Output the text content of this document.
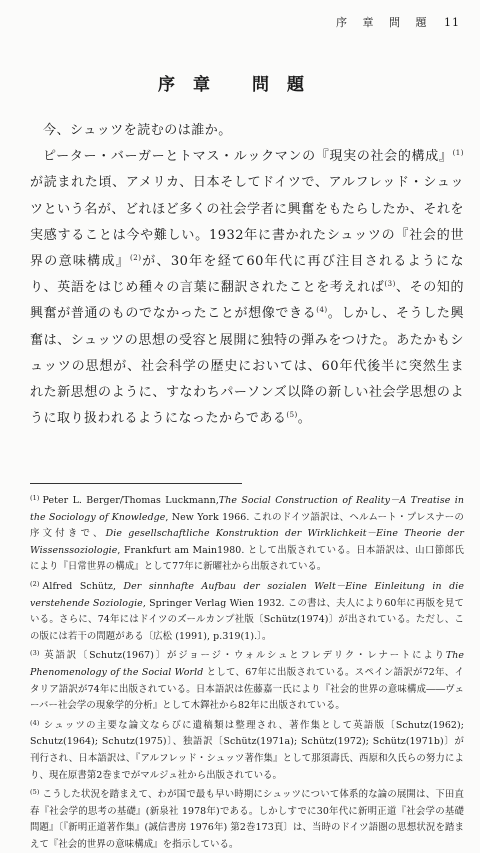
序 章 問 題 11
序章 問題

今、シュッツを読むのは誰か。

ピーター・バーガーとトマス・ルックマンの『現実の社会的構成』$^{(1)}$が読まれた頃、アメリカ、日本そしてドイツで、アルフレッド・シュッツという名が、どれほど多くの社会学者に興奮をもたらしたか、それを実感することは今や難しい。1932年に書かれたシュッツの『社会的世界の意味構成』$^{(2)}$が、30年を経て60年代に再び注目されるようになり、英語をはじめ種々の言葉に翻訳されたことを考えれば$^{(3)}$、その知的興奮が普通のものでなかったことが想像できる$^{(4)}$。しかし、そうした興奮は、シュッツの思想の受容と展開に独特の弾みをつけた。あたかもシュッツの思想が、社会科学の歴史においては、60年代後半に突然生まれた新思想のように、すなわちパーソンズ以降の新しい社会学思想のように取り扱われるようになったからである$^{(5)}$。

$^{(1)}$ Peter L. Berger/Thomas Luckmann,The Social Construction of Reality－A Treatise in the Sociology of Knowledge, New York 1966. これのドイツ語訳は、ヘルムート・プレスナーの序文付きで、Die gesellschaftliche Konstruktion der Wirklichkeit－Eine Theorie der Wissenssoziologie, Frankfurt am Main1980. として出版されている。日本語訳は、山口節郎氏により『日常世界の構成』として77年に新曜社から出版されている。

$^{(2)}$ Alfred Schütz, Der sinnhafte Aufbau der sozialen Welt－Eine Einleitung in die verstehende Soziologie, Springer Verlag Wien 1932. この書は、夫人により60年に再版を見ている。さらに、74年にはドイツのズールカンプ社版〔Schütz(1974)〕が出されている。ただし、この版には若干の問題がある〔広松 (1991), p.319(1).〕。

$^{(3)}$ 英語訳〔Schutz(1967)〕がジョージ・ウォルシュとフレデリク・レナートによりThe Phenomenology of the Social World として、67年に出版されている。スペイン語訳が72年、イタリア語訳が74年に出版されている。日本語訳は佐藤嘉一氏により『社会的世界の意味構成――ヴェーバー社会学の現象学的分析』として木鐸社から82年に出版されている。

$^{(4)}$ シュッツの主要な論文ならびに遺稿類は整理され、著作集として英語版〔Schutz(1962); Schutz(1964); Schutz(1975)〕、独語訳〔Schütz(1971a); Schütz(1972); Schütz(1971b)〕が刊行され、日本語訳は、『アルフレッド・シュッツ著作集』として那須壽氏、西原和久氏らの努力により、現在原書第2巻までがマルジュ社から出版されている。

$^{(5)}$ こうした状況を踏まえて、わが国で最も早い時期にシュッツについて体系的な論の展開は、下田直春『社会学的思考の基礎』(新泉社 1978年)である。しかしすでに30年代に新明正道『社会学の基礎問題』〔『新明正道著作集』(誠信書房 1976年) 第2巻173頁〕は、当時のドイツ語圏の思想状況を踏まえて『社会的世界の意味構成』を指示している。
